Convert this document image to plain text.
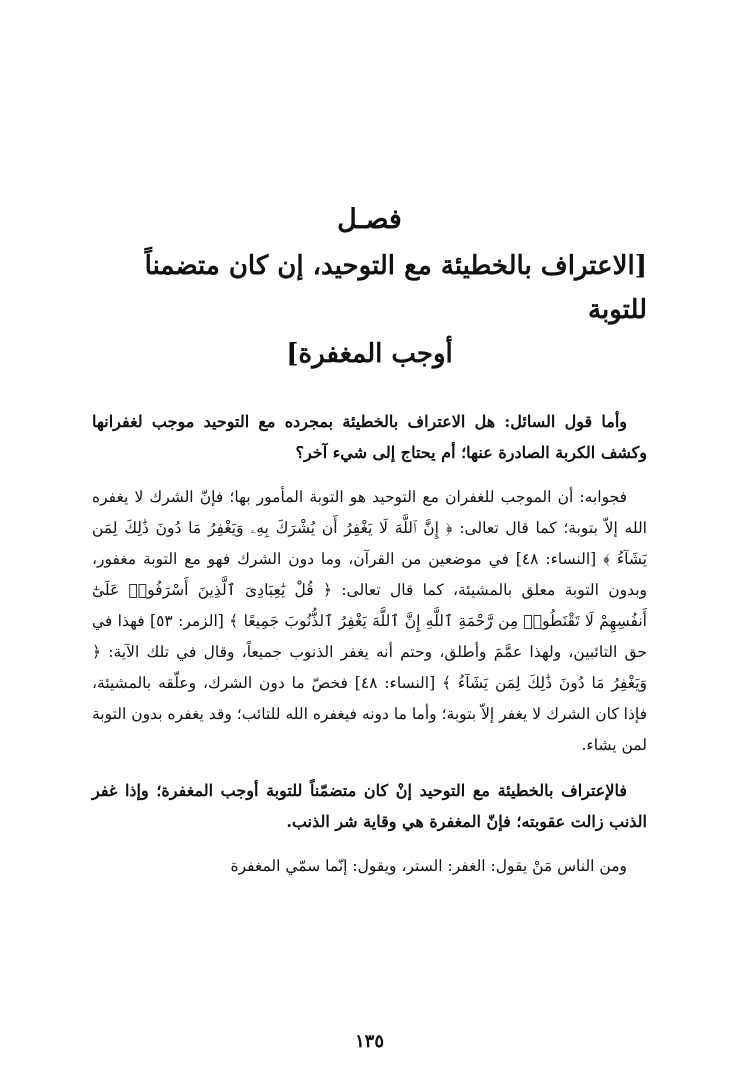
فصـل
[الاعتراف بالخطيئة مع التوحيد، إن كان متضمناً للتوبة
أوجب المغفرة]

وأما قول السائل: هل الاعتراف بالخطيئة بمجرده مع التوحيد موجب لغفرانها وكشف الكربة الصادرة عنها؛ أم يحتاج إلى شيء آخر؟

فجوابه: أن الموجب للغفران مع التوحيد هو التوبة المأمور بها؛ فإنّ الشرك لا يغفره الله إلاّ بتوبة؛ كما قال تعالى: ﴿ إِنَّ ٱللَّهَ لَا يَغْفِرُ أَن يُشْرَكَ بِهِۦ وَيَغْفِرُ مَا دُونَ ذَٰلِكَ لِمَن يَشَآءُ ﴾ [النساء: ٤٨] في موضعين من القرآن، وما دون الشرك فهو مع التوبة مغفور، وبدون التوبة معلق بالمشيئة، كما قال تعالى: ﴿ قُلْ يَٰعِبَادِىَ ٱلَّذِينَ أَسْرَفُوا۟ عَلَىٰٓ أَنفُسِهِمْ لَا تَقْنَطُوا۟ مِن رَّحْمَةِ ٱللَّهِ إِنَّ ٱللَّهَ يَغْفِرُ ٱلذُّنُوبَ جَمِيعًا ﴾ [الزمر: ٥٣] فهذا في حق التائبين، ولهذا عمَّمَ وأطلق، وحتم أنه يغفر الذنوب جميعاً، وقال في تلك الآية: ﴿ وَيَغْفِرُ مَا دُونَ ذَٰلِكَ لِمَن يَشَآءُ ﴾ [النساء: ٤٨] فخصّ ما دون الشرك، وعلّقه بالمشيئة، فإذا كان الشرك لا يغفر إلاّ بتوبة؛ وأما ما دونه فيغفره الله للتائب؛ وقد يغفره بدون التوبة لمن يشاء.

فالإعتراف بالخطيئة مع التوحيد إنْ كان متضمّناً للتوبة أوجب المغفرة؛ وإذا غفر الذنب زالت عقوبته؛ فإنّ المغفرة هي وقاية شر الذنب.

ومن الناس مَنْ يقول: الغفر: الستر، ويقول: إنّما سمّي المغفرة

١٣٥
